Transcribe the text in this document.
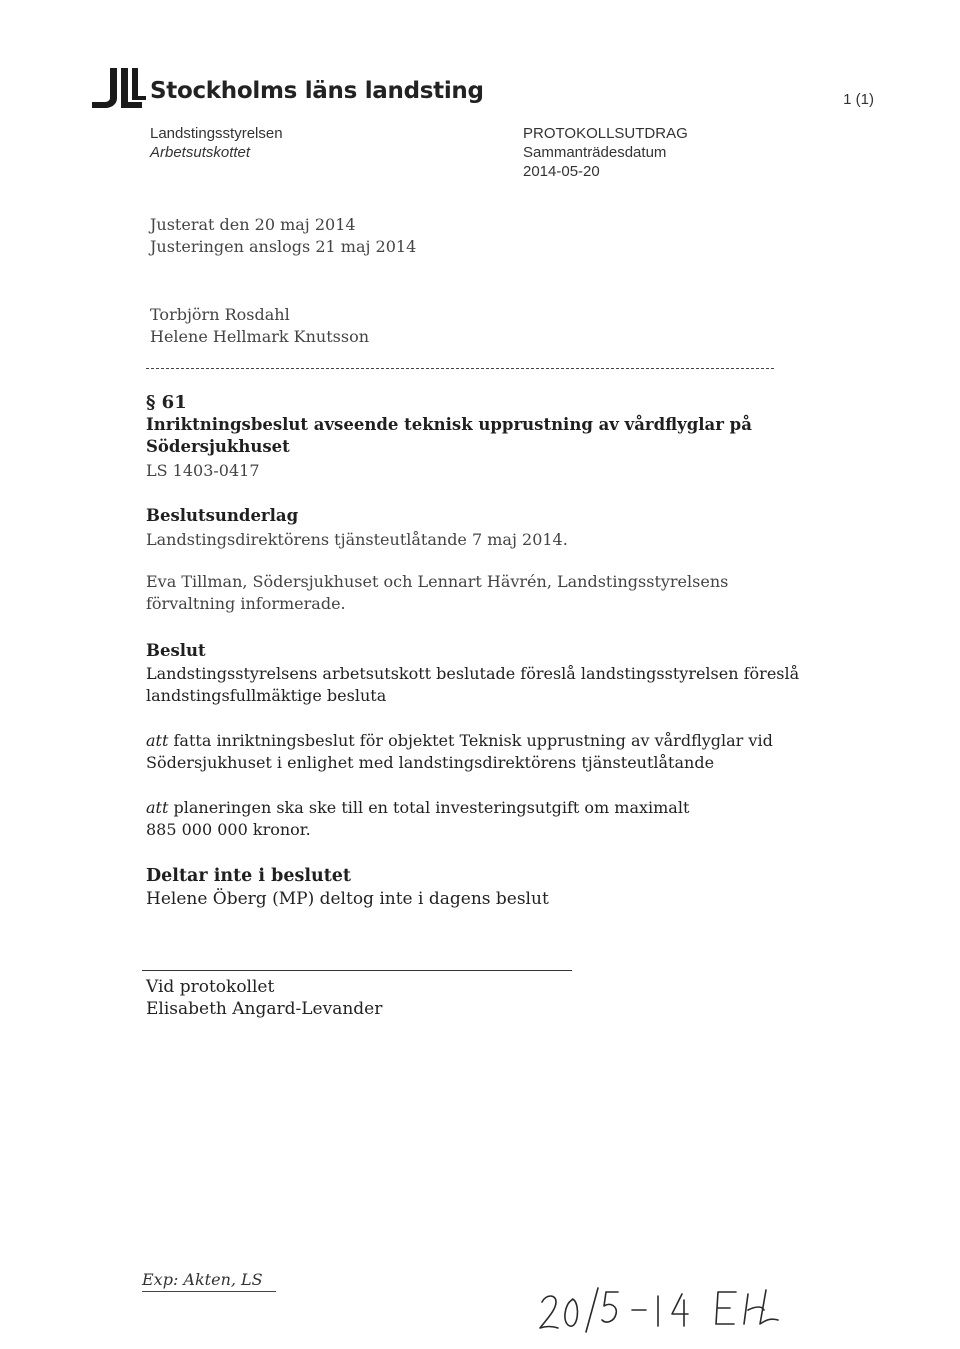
Stockholms läns landsting	1 (1)
Landstingsstyrelsen
Arbetsutskottet
PROTOKOLLSUTDRAG
Sammanträdesdatum
2014-05-20
Justerat den 20 maj 2014
Justeringen anslogs 21 maj 2014
Torbjörn Rosdahl
Helene Hellmark Knutsson
§ 61
Inriktningsbeslut avseende teknisk upprustning av vårdflyglar på
Södersjukhuset
LS 1403-0417
Beslutsunderlag
Landstingsdirektörens tjänsteutlåtande 7 maj 2014.
Eva Tillman, Södersjukhuset och Lennart Hävrén, Landstingsstyrelsens
förvaltning informerade.
Beslut
Landstingsstyrelsens arbetsutskott beslutade föreslå landstingsstyrelsen föreslå
landstingsfullmäktige besluta
att fatta inriktningsbeslut för objektet Teknisk upprustning av vårdflyglar vid
Södersjukhuset i enlighet med landstingsdirektörens tjänsteutlåtande
att planeringen ska ske till en total investeringsutgift om maximalt
885 000 000 kronor.
Deltar inte i beslutet
Helene Öberg (MP) deltog inte i dagens beslut
Vid protokollet
Elisabeth Angard-Levander
Exp: Akten, LS
